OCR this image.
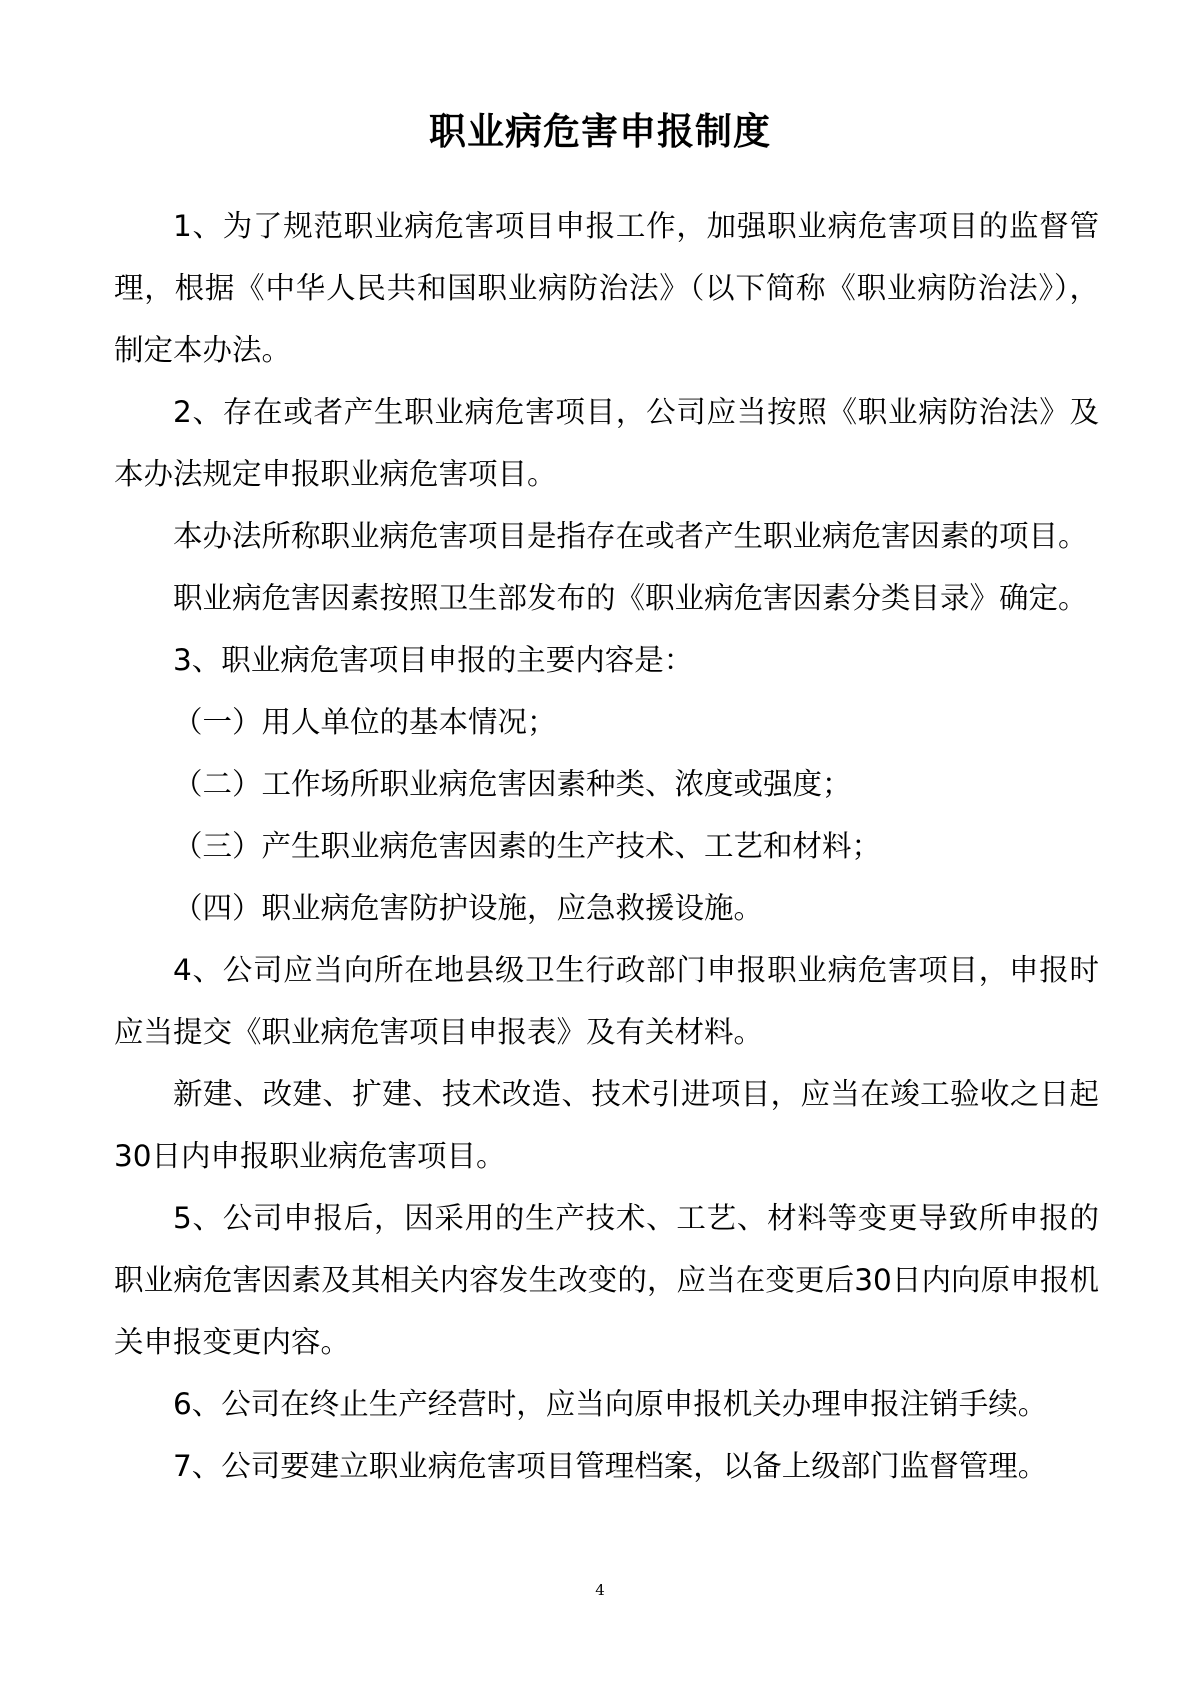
职业病危害申报制度

1、为了规范职业病危害项目申报工作，加强职业病危害项目的监督管理，根据《中华人民共和国职业病防治法》（以下简称《职业病防治法》），制定本办法。

2、存在或者产生职业病危害项目，公司应当按照《职业病防治法》及本办法规定申报职业病危害项目。

本办法所称职业病危害项目是指存在或者产生职业病危害因素的项目。

职业病危害因素按照卫生部发布的《职业病危害因素分类目录》确定。

3、职业病危害项目申报的主要内容是：

（一）用人单位的基本情况；

（二）工作场所职业病危害因素种类、浓度或强度；

（三）产生职业病危害因素的生产技术、工艺和材料；

（四）职业病危害防护设施，应急救援设施。

4、公司应当向所在地县级卫生行政部门申报职业病危害项目，申报时应当提交《职业病危害项目申报表》及有关材料。

新建、改建、扩建、技术改造、技术引进项目，应当在竣工验收之日起30日内申报职业病危害项目。

5、公司申报后，因采用的生产技术、工艺、材料等变更导致所申报的职业病危害因素及其相关内容发生改变的，应当在变更后30日内向原申报机关申报变更内容。

6、公司在终止生产经营时，应当向原申报机关办理申报注销手续。

7、公司要建立职业病危害项目管理档案，以备上级部门监督管理。

4
